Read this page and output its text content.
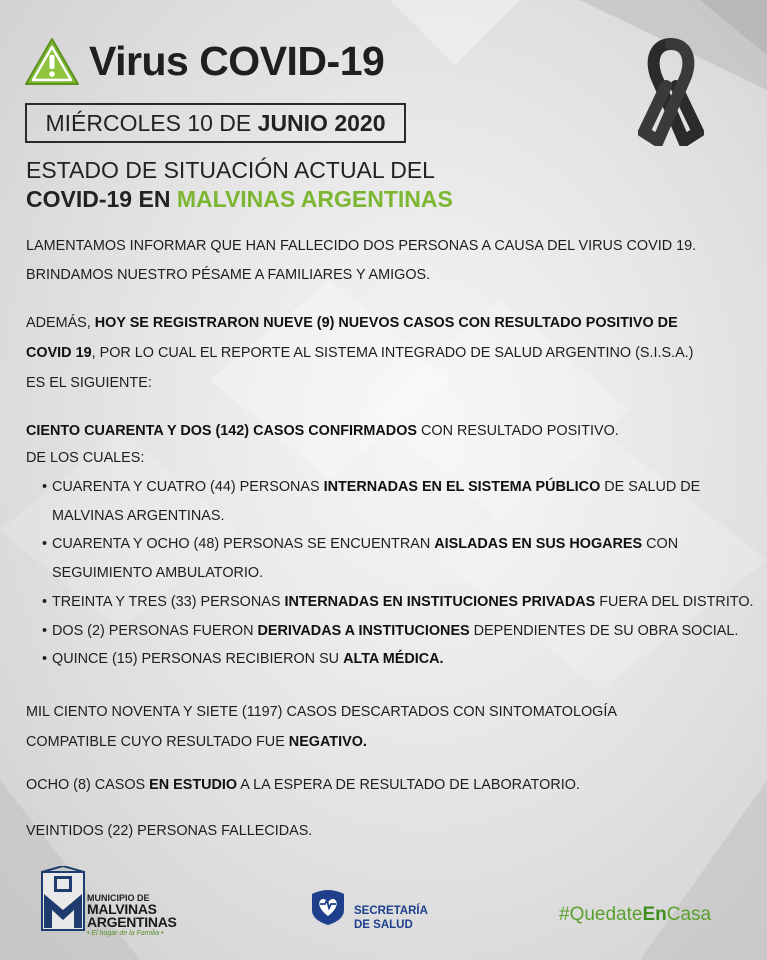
Virus COVID-19
MIÉRCOLES 10 DE JUNIO 2020
ESTADO DE SITUACIÓN ACTUAL DEL
COVID-19 EN MALVINAS ARGENTINAS
LAMENTAMOS INFORMAR QUE HAN FALLECIDO DOS PERSONAS A CAUSA DEL VIRUS COVID 19.
BRINDAMOS NUESTRO PÉSAME A FAMILIARES Y AMIGOS.
ADEMÁS, HOY SE REGISTRARON NUEVE (9) NUEVOS CASOS CON RESULTADO POSITIVO DE
COVID 19, POR LO CUAL EL REPORTE AL SISTEMA INTEGRADO DE SALUD ARGENTINO (S.I.S.A.)
ES EL SIGUIENTE:
CIENTO CUARENTA Y DOS (142) CASOS CONFIRMADOS CON RESULTADO POSITIVO.
DE LOS CUALES:
• CUARENTA Y CUATRO (44) PERSONAS INTERNADAS EN EL SISTEMA PÚBLICO DE SALUD DE
MALVINAS ARGENTINAS.
• CUARENTA Y OCHO (48) PERSONAS SE ENCUENTRAN AISLADAS EN SUS HOGARES CON
SEGUIMIENTO AMBULATORIO.
• TREINTA Y TRES (33) PERSONAS INTERNADAS EN INSTITUCIONES PRIVADAS FUERA DEL DISTRITO.
• DOS (2) PERSONAS FUERON DERIVADAS A INSTITUCIONES DEPENDIENTES DE SU OBRA SOCIAL.
• QUINCE (15) PERSONAS RECIBIERON SU ALTA MÉDICA.
MIL CIENTO NOVENTA Y SIETE (1197) CASOS DESCARTADOS CON SINTOMATOLOGÍA
COMPATIBLE CUYO RESULTADO FUE NEGATIVO.
OCHO (8) CASOS EN ESTUDIO A LA ESPERA DE RESULTADO DE LABORATORIO.
VEINTIDOS (22) PERSONAS FALLECIDAS.
MUNICIPIO DE
MALVINAS
ARGENTINAS
• El hogar de la Familia •
SECRETARÍA
DE SALUD	#QuedateEnCasa
